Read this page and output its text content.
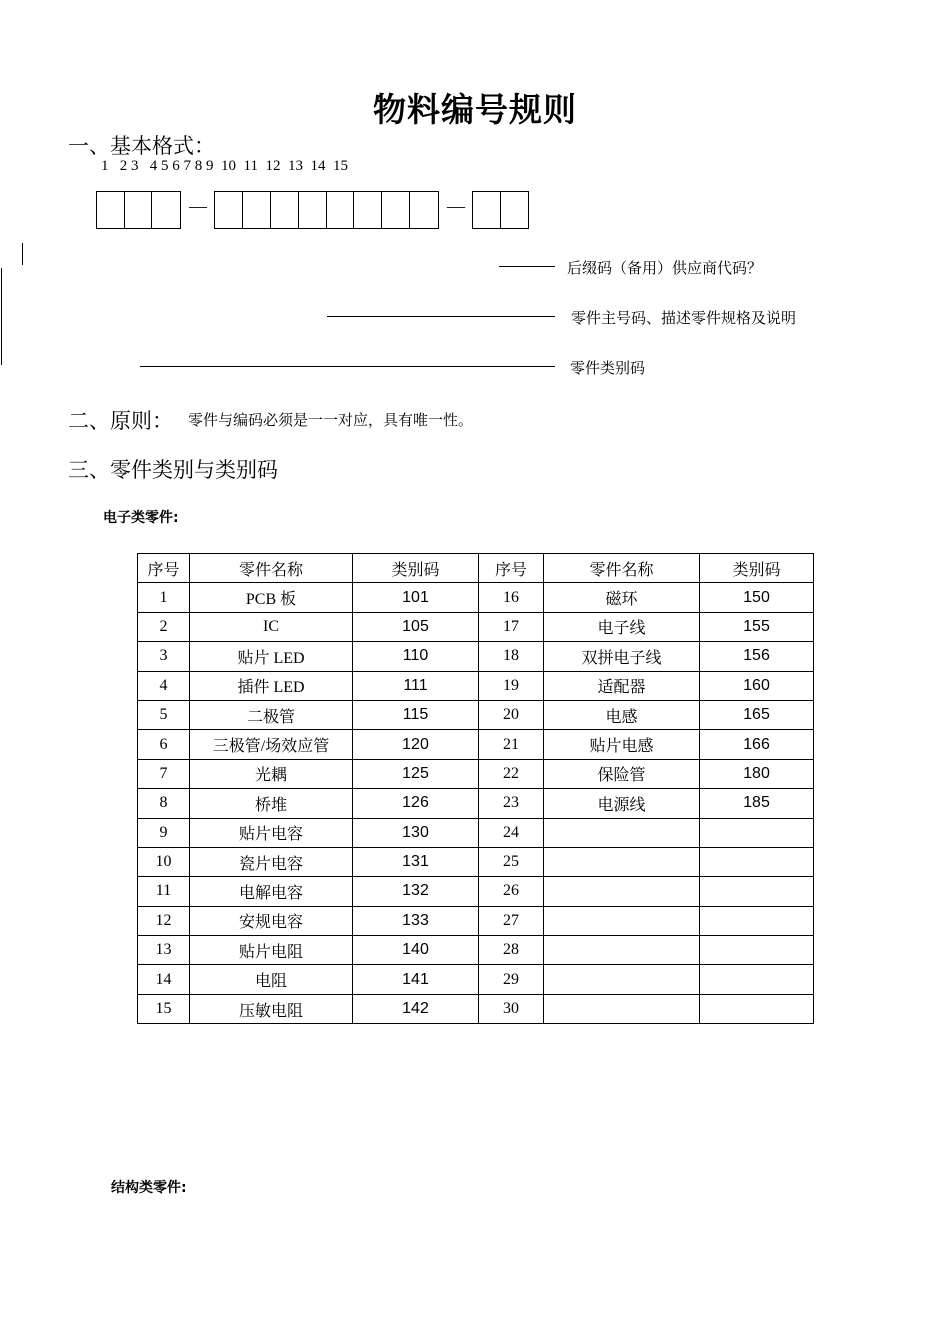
物料编号规则
一、基本格式：
1   2 3   4 5 6 7 8 9  10  11  12  13  14  15
—	—
后缀码（备用）供应商代码？
零件主号码、描述零件规格及说明
零件类别码
二、原则： 零件与编码必须是一一对应，具有唯一性。
三、零件类别与类别码
电子类零件:
序号	零件名称	类别码	序号	零件名称	类别码
1	PCB 板	101	16	磁环	150
2	IC	105	17	电子线	155
3	贴片 LED	110	18	双拼电子线	156
4	插件 LED	111	19	适配器	160
5	二极管	115	20	电感	165
6	三极管/场效应管	120	21	贴片电感	166
7	光耦	125	22	保险管	180
8	桥堆	126	23	电源线	185
9	贴片电容	130	24		
10	瓷片电容	131	25		
11	电解电容	132	26		
12	安规电容	133	27		
13	贴片电阻	140	28		
14	电阻	141	29		
15	压敏电阻	142	30		
结构类零件:
